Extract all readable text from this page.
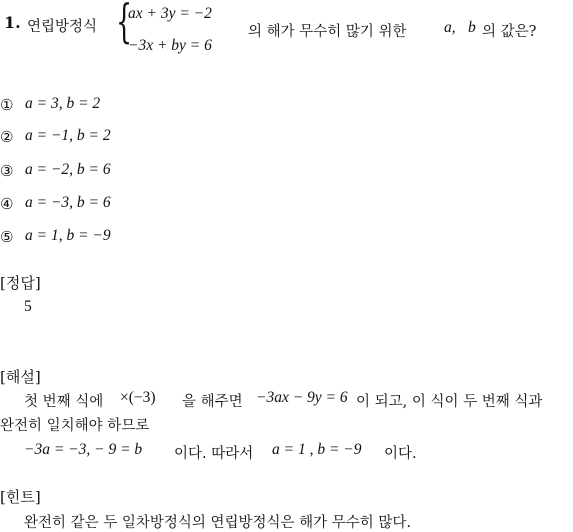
1. 연립방정식 {
ax + 3y = −2
−3x + by = 6
의 해가 무수히 많기 위한 a, b 의 값은?
① a = 3, b = 2
② a = −1, b = 2
③ a = −2, b = 6
④ a = −3, b = 6
⑤ a = 1, b = −9
[정답]
5
[해설]
첫 번째 식에 ×(−3) 을 해주면 −3ax − 9y = 6 이 되고, 이 식이 두 번째 식과
완전히 일치해야 하므로
−3a = −3, − 9 = b 이다. 따라서 a = 1 , b = −9 이다.
[힌트]
완전히 같은 두 일차방정식의 연립방정식은 해가 무수히 많다.
